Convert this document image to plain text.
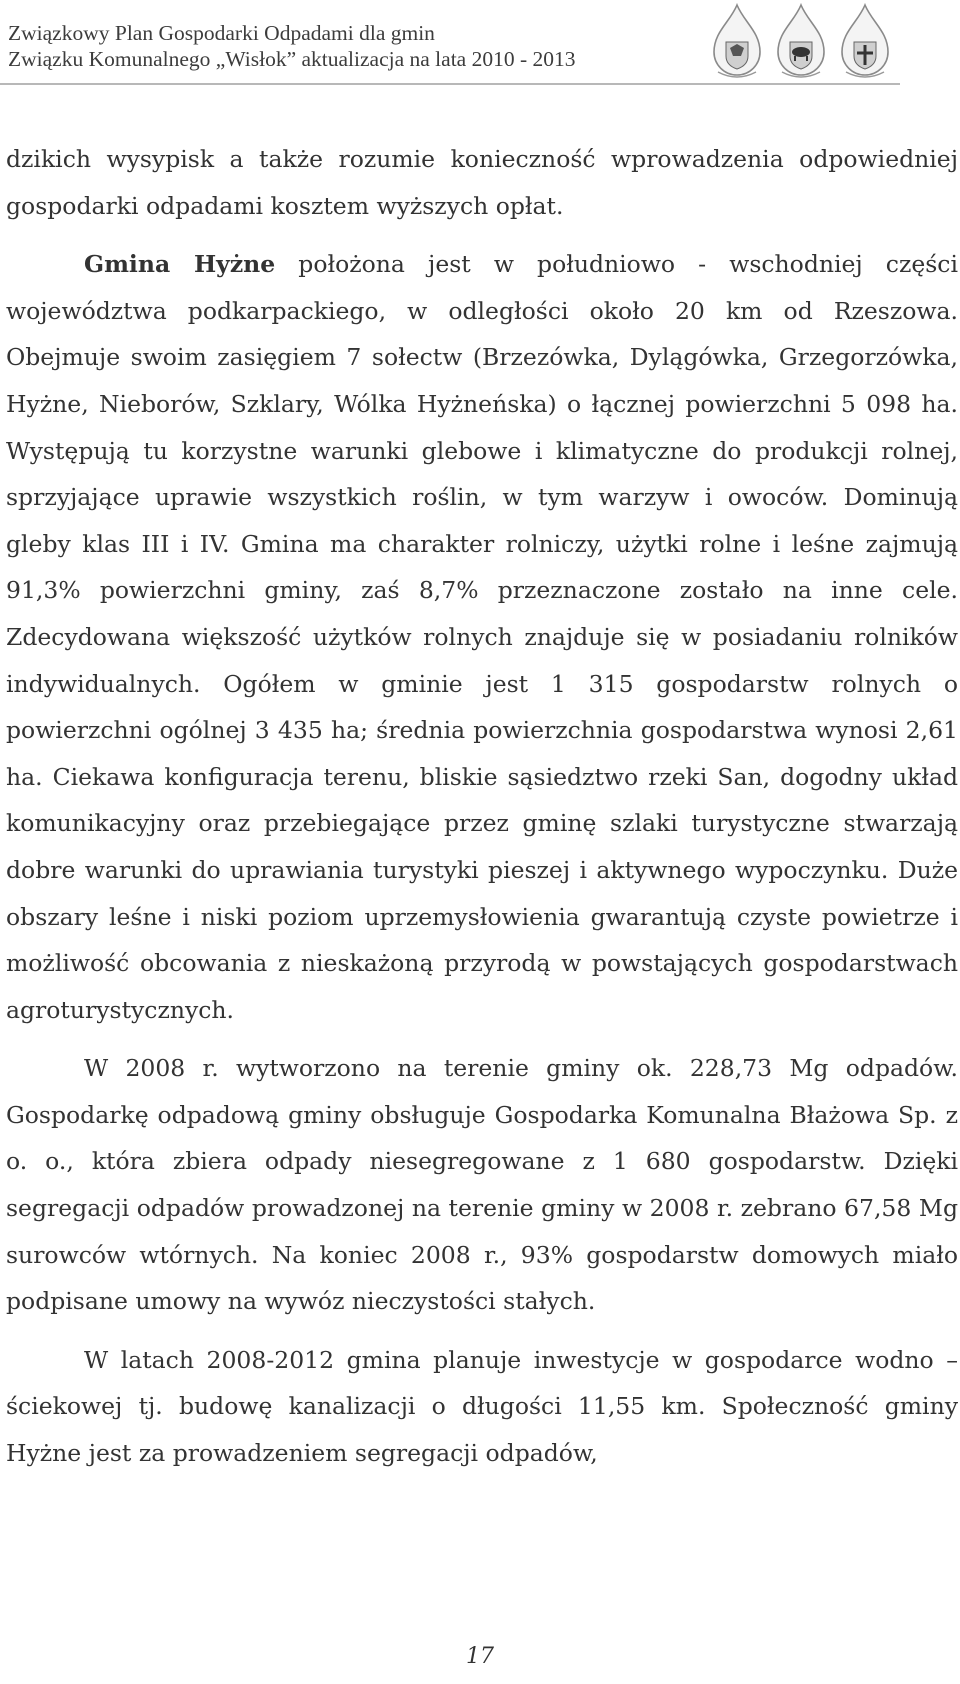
Związkowy Plan Gospodarki Odpadami dla gmin
Związku Komunalnego „Wisłok” aktualizacja na lata 2010 - 2013

dzikich wysypisk a także rozumie konieczność wprowadzenia odpowiedniej gospodarki odpadami kosztem wyższych opłat.

Gmina Hyżne położona jest w południowo - wschodniej części województwa podkarpackiego, w odległości około 20 km od Rzeszowa. Obejmuje swoim zasięgiem 7 sołectw (Brzezówka, Dylągówka, Grzegorzówka, Hyżne, Nieborów, Szklary, Wólka Hyżneńska) o łącznej powierzchni 5 098 ha. Występują tu korzystne warunki glebowe i klimatyczne do produkcji rolnej, sprzyjające uprawie wszystkich roślin, w tym warzyw i owoców. Dominują gleby klas III i IV. Gmina ma charakter rolniczy, użytki rolne i leśne zajmują 91,3% powierzchni gminy, zaś 8,7% przeznaczone zostało na inne cele. Zdecydowana większość użytków rolnych znajduje się w posiadaniu rolników indywidualnych. Ogółem w gminie jest 1 315 gospodarstw rolnych o powierzchni ogólnej 3 435 ha; średnia powierzchnia gospodarstwa wynosi 2,61 ha. Ciekawa konfiguracja terenu, bliskie sąsiedztwo rzeki San, dogodny układ komunikacyjny oraz przebiegające przez gminę szlaki turystyczne stwarzają dobre warunki do uprawiania turystyki pieszej i aktywnego wypoczynku. Duże obszary leśne i niski poziom uprzemysłowienia gwarantują czyste powietrze i możliwość obcowania z nieskażoną przyrodą w powstających gospodarstwach agroturystycznych.

W 2008 r. wytworzono na terenie gminy ok. 228,73 Mg odpadów. Gospodarkę odpadową gminy obsługuje Gospodarka Komunalna Błażowa Sp. z o. o., która zbiera odpady niesegregowane z 1 680 gospodarstw. Dzięki segregacji odpadów prowadzonej na terenie gminy w 2008 r. zebrano 67,58 Mg surowców wtórnych. Na koniec 2008 r., 93% gospodarstw domowych miało podpisane umowy na wywóz nieczystości stałych.

W latach 2008-2012 gmina planuje inwestycje w gospodarce wodno – ściekowej tj. budowę kanalizacji o długości 11,55 km. Społeczność gminy Hyżne jest za prowadzeniem segregacji odpadów,

17
